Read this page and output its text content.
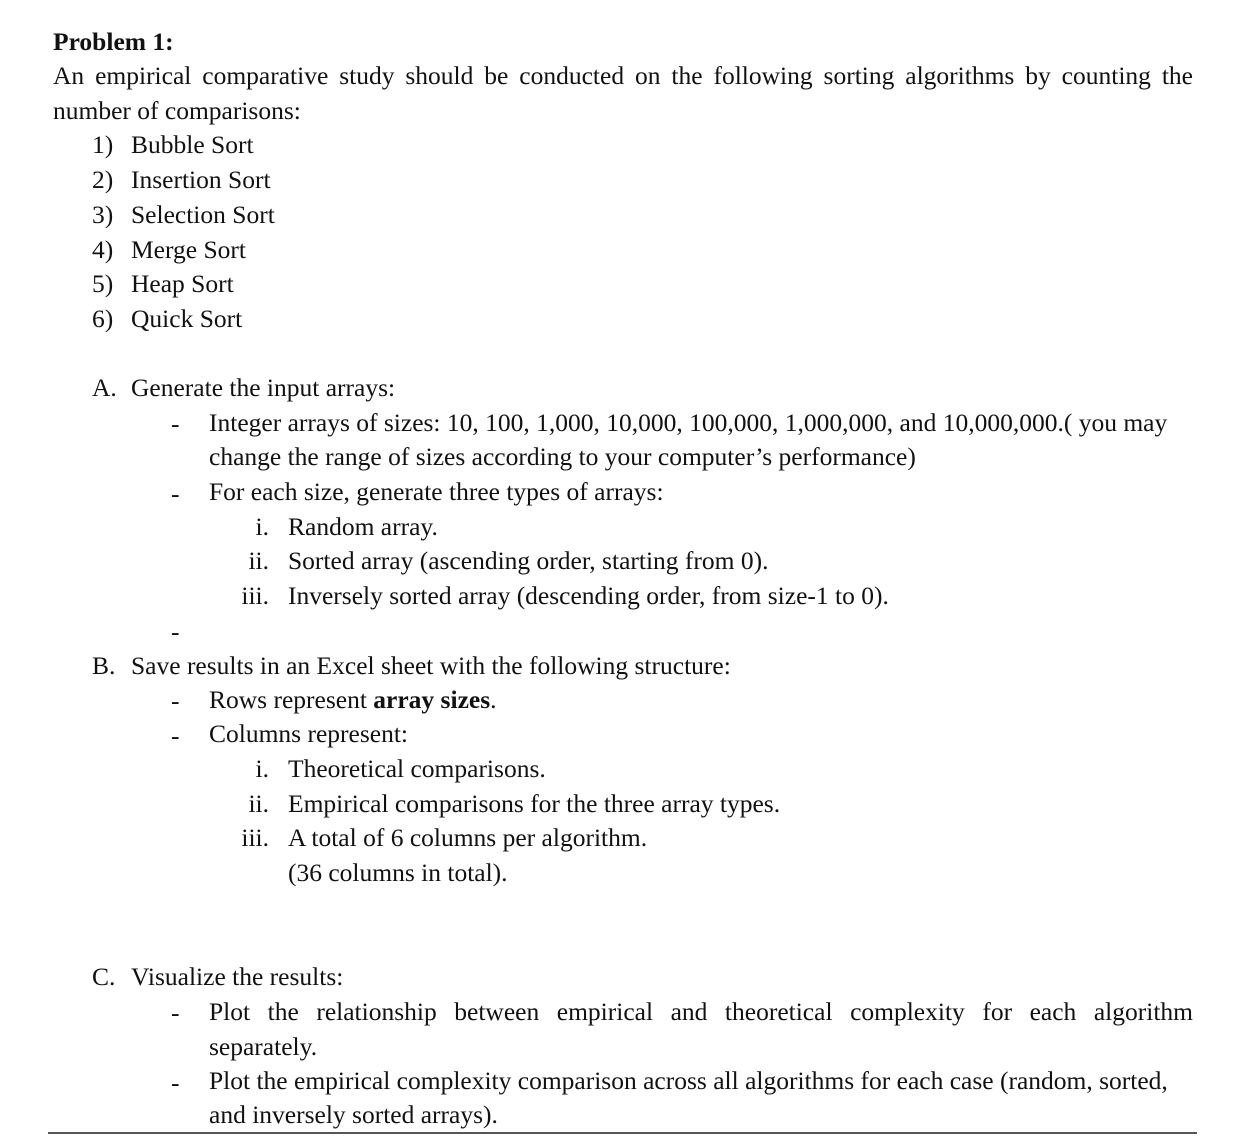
Problem 1:
An empirical comparative study should be conducted on the following sorting algorithms by counting the
number of comparisons:
1) Bubble Sort
2) Insertion Sort
3) Selection Sort
4) Merge Sort
5) Heap Sort
6) Quick Sort
A. Generate the input arrays:
- Integer arrays of sizes: 10, 100, 1,000, 10,000, 100,000, 1,000,000, and 10,000,000.( you may
change the range of sizes according to your computer’s performance)
- For each size, generate three types of arrays:
i. Random array.
ii. Sorted array (ascending order, starting from 0).
iii. Inversely sorted array (descending order, from size-1 to 0).
-
B. Save results in an Excel sheet with the following structure:
- Rows represent array sizes.
- Columns represent:
i. Theoretical comparisons.
ii. Empirical comparisons for the three array types.
iii. A total of 6 columns per algorithm.
(36 columns in total).
C. Visualize the results:
- Plot the relationship between empirical and theoretical complexity for each algorithm
separately.
- Plot the empirical complexity comparison across all algorithms for each case (random, sorted,
and inversely sorted arrays).
